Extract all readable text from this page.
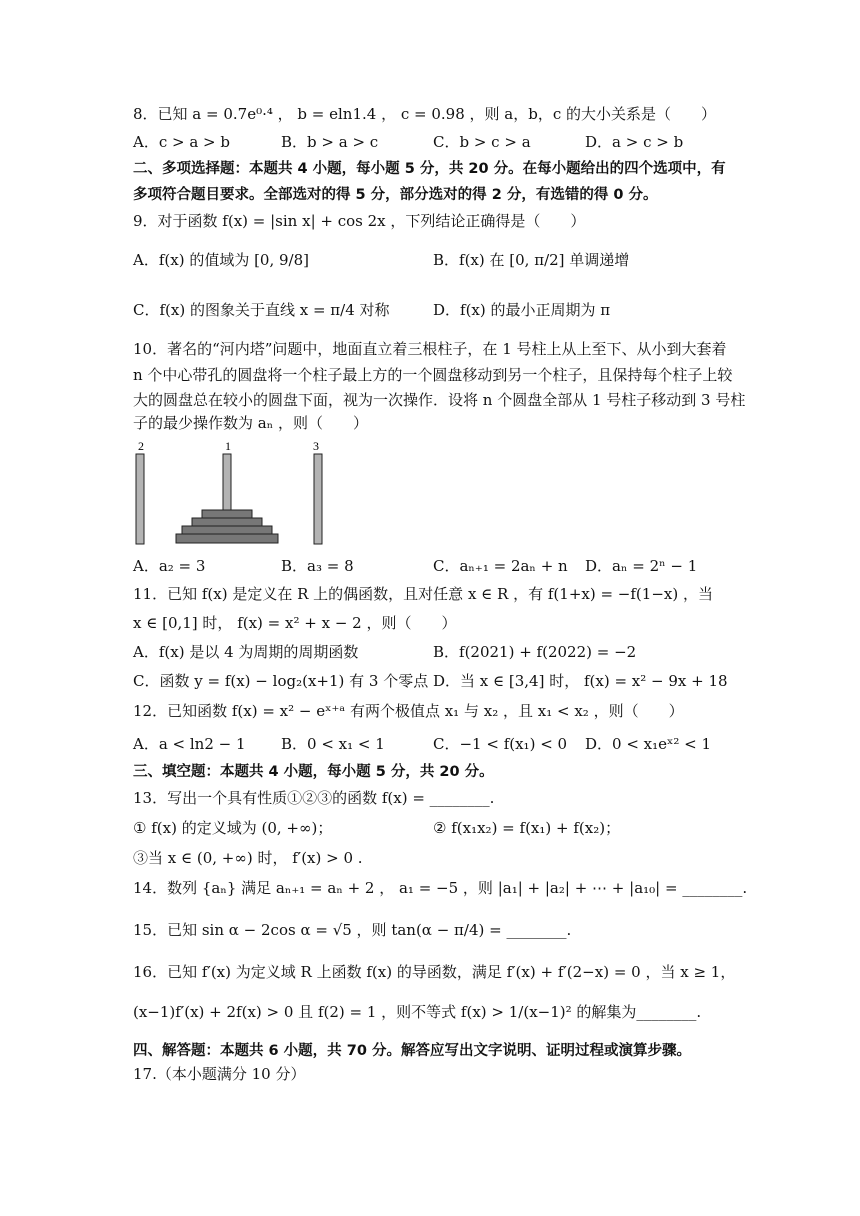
8．已知 a = 0.7e⁰·⁴ ， b = eln1.4 ， c = 0.98 ，则 a，b，c 的大小关系是（　　）
A．c > a > b	B．b > a > c	C．b > c > a	D．a > c > b
二、多项选择题：本题共 4 小题，每小题 5 分，共 20 分。在每小题给出的四个选项中，有
多项符合题目要求。全部选对的得 5 分，部分选对的得 2 分，有选错的得 0 分。
9．对于函数 f(x) = |sin x| + cos 2x ，下列结论正确得是（　　）
A．f(x) 的值域为 [0, 9/8]	B．f(x) 在 [0, π/2] 单调递增
C．f(x) 的图象关于直线 x = π/4 对称	D．f(x) 的最小正周期为 π
10．著名的“河内塔”问题中，地面直立着三根柱子，在 1 号柱上从上至下、从小到大套着
n 个中心带孔的圆盘将一个柱子最上方的一个圆盘移动到另一个柱子，且保持每个柱子上较
大的圆盘总在较小的圆盘下面，视为一次操作．设将 n 个圆盘全部从 1 号柱子移动到 3 号柱
子的最少操作数为 aₙ ，则（　　）
2	1	3
A．a₂ = 3	B．a₃ = 8	C．aₙ₊₁ = 2aₙ + n D．aₙ = 2ⁿ − 1
11．已知 f(x) 是定义在 R 上的偶函数，且对任意 x ∈ R ，有 f(1+x) = −f(1−x) ，当
x ∈ [0,1] 时， f(x) = x² + x − 2 ，则（　　）
A．f(x) 是以 4 为周期的周期函数	B．f(2021) + f(2022) = −2
C．函数 y = f(x) − log₂(x+1) 有 3 个零点 D．当 x ∈ [3,4] 时， f(x) = x² − 9x + 18
12．已知函数 f(x) = x² − eˣ⁺ᵃ 有两个极值点 x₁ 与 x₂ ，且 x₁ < x₂ ，则（　　）
A．a < ln2 − 1 B．0 < x₁ < 1	C．−1 < f(x₁) < 0 D．0 < x₁eˣ² < 1
三、填空题：本题共 4 小题，每小题 5 分，共 20 分。
13．写出一个具有性质①②③的函数 f(x) = ________.
① f(x) 的定义域为 (0, +∞)；	② f(x₁x₂) = f(x₁) + f(x₂)；
③当 x ∈ (0, +∞) 时， f′(x) > 0 .
14．数列 {aₙ} 满足 aₙ₊₁ = aₙ + 2 ， a₁ = −5 ，则 |a₁| + |a₂| + ⋯ + |a₁₀| = ________.
15．已知 sin α − 2cos α = √5 ，则 tan(α − π/4) = ________.
16．已知 f′(x) 为定义域 R 上函数 f(x) 的导函数，满足 f′(x) + f′(2−x) = 0 ，当 x ≥ 1，
(x−1)f′(x) + 2f(x) > 0 且 f(2) = 1 ，则不等式 f(x) > 1/(x−1)² 的解集为________.
四、解答题：本题共 6 小题，共 70 分。解答应写出文字说明、证明过程或演算步骤。
17.（本小题满分 10 分）
